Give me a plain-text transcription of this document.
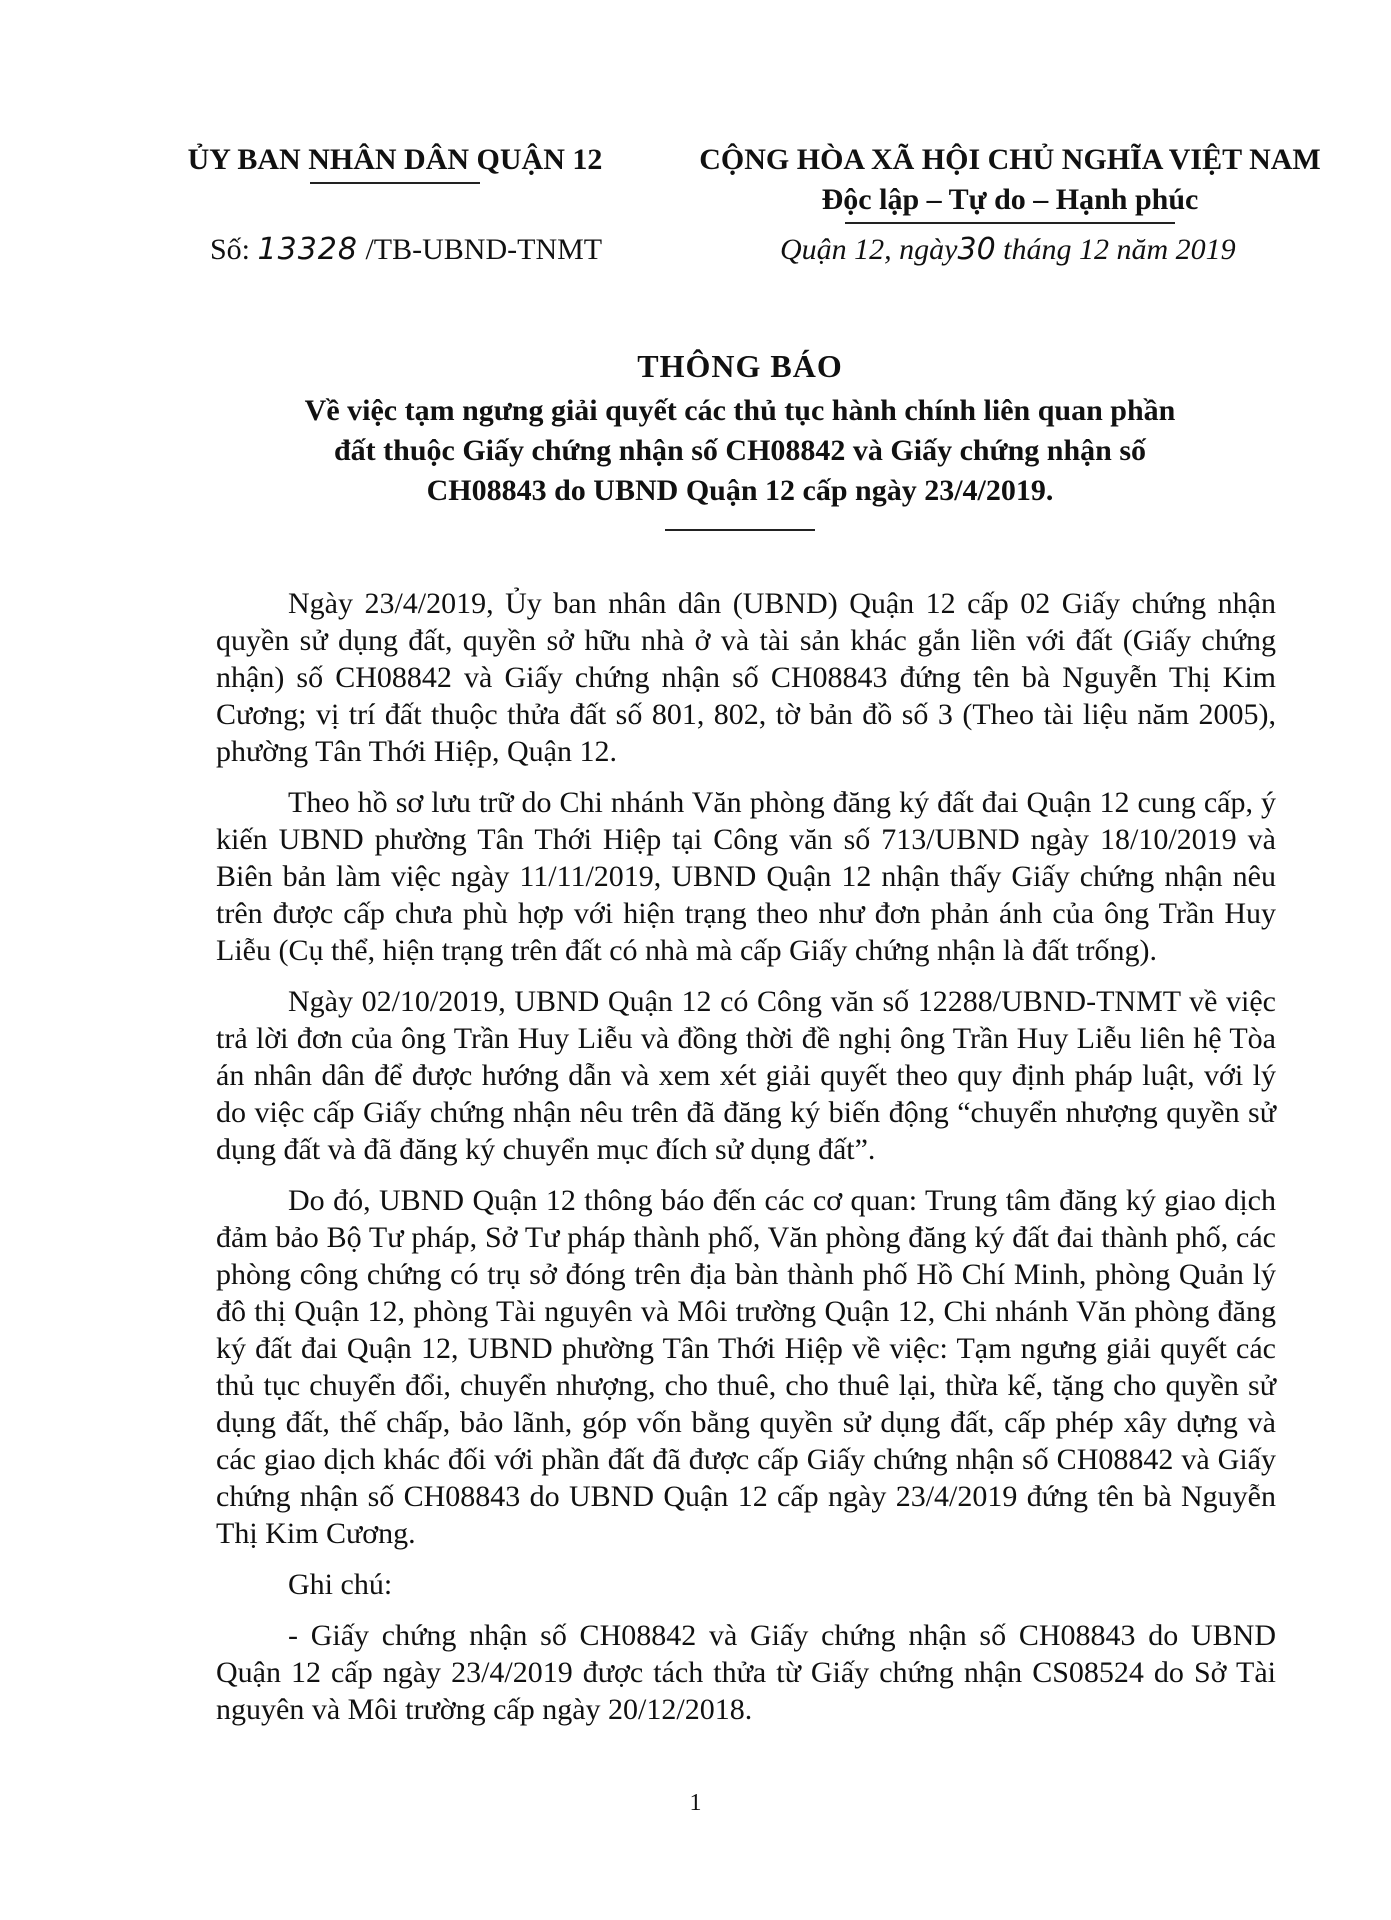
ỦY BAN NHÂN DÂN QUẬN 12	CỘNG HÒA XÃ HỘI CHỦ NGHĨA VIỆT NAM
Độc lập – Tự do – Hạnh phúc
Số: 13328 /TB-UBND-TNMT	Quận 12, ngày30 tháng 12 năm 2019
THÔNG BÁO
Về việc tạm ngưng giải quyết các thủ tục hành chính liên quan phần
đất thuộc Giấy chứng nhận số CH08842 và Giấy chứng nhận số
CH08843 do UBND Quận 12 cấp ngày 23/4/2019.

Ngày 23/4/2019, Ủy ban nhân dân (UBND) Quận 12 cấp 02 Giấy chứng nhận quyền sử dụng đất, quyền sở hữu nhà ở và tài sản khác gắn liền với đất (Giấy chứng nhận) số CH08842 và Giấy chứng nhận số CH08843 đứng tên bà Nguyễn Thị Kim Cương; vị trí đất thuộc thửa đất số 801, 802, tờ bản đồ số 3 (Theo tài liệu năm 2005), phường Tân Thới Hiệp, Quận 12.

Theo hồ sơ lưu trữ do Chi nhánh Văn phòng đăng ký đất đai Quận 12 cung cấp, ý kiến UBND phường Tân Thới Hiệp tại Công văn số 713/UBND ngày 18/10/2019 và Biên bản làm việc ngày 11/11/2019, UBND Quận 12 nhận thấy Giấy chứng nhận nêu trên được cấp chưa phù hợp với hiện trạng theo như đơn phản ánh của ông Trần Huy Liễu (Cụ thể, hiện trạng trên đất có nhà mà cấp Giấy chứng nhận là đất trống).

Ngày 02/10/2019, UBND Quận 12 có Công văn số 12288/UBND-TNMT về việc trả lời đơn của ông Trần Huy Liễu và đồng thời đề nghị ông Trần Huy Liễu liên hệ Tòa án nhân dân để được hướng dẫn và xem xét giải quyết theo quy định pháp luật, với lý do việc cấp Giấy chứng nhận nêu trên đã đăng ký biến động “chuyển nhượng quyền sử dụng đất và đã đăng ký chuyển mục đích sử dụng đất”.

Do đó, UBND Quận 12 thông báo đến các cơ quan: Trung tâm đăng ký giao dịch đảm bảo Bộ Tư pháp, Sở Tư pháp thành phố, Văn phòng đăng ký đất đai thành phố, các phòng công chứng có trụ sở đóng trên địa bàn thành phố Hồ Chí Minh, phòng Quản lý đô thị Quận 12, phòng Tài nguyên và Môi trường Quận 12, Chi nhánh Văn phòng đăng ký đất đai Quận 12, UBND phường Tân Thới Hiệp về việc: Tạm ngưng giải quyết các thủ tục chuyển đổi, chuyển nhượng, cho thuê, cho thuê lại, thừa kế, tặng cho quyền sử dụng đất, thế chấp, bảo lãnh, góp vốn bằng quyền sử dụng đất, cấp phép xây dựng và các giao dịch khác đối với phần đất đã được cấp Giấy chứng nhận số CH08842 và Giấy chứng nhận số CH08843 do UBND Quận 12 cấp ngày 23/4/2019 đứng tên bà Nguyễn Thị Kim Cương.

Ghi chú:

- Giấy chứng nhận số CH08842 và Giấy chứng nhận số CH08843 do UBND Quận 12 cấp ngày 23/4/2019 được tách thửa từ Giấy chứng nhận CS08524 do Sở Tài nguyên và Môi trường cấp ngày 20/12/2018.

1
